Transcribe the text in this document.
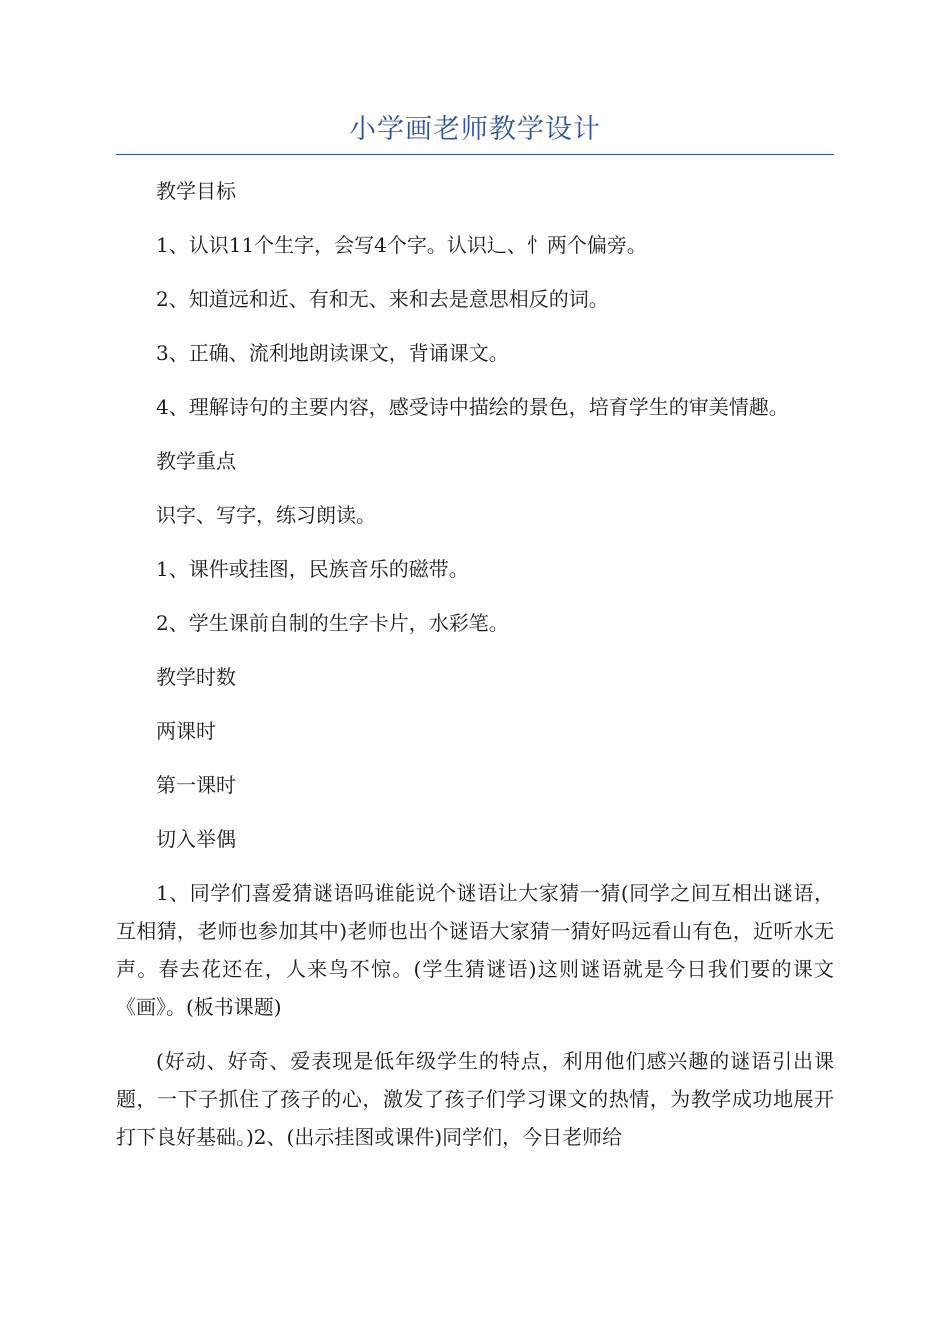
小学画老师教学设计

教学目标

1、认识11个生字，会写4个字。认识辶、忄两个偏旁。

2、知道远和近、有和无、来和去是意思相反的词。

3、正确、流利地朗读课文，背诵课文。

4、理解诗句的主要内容，感受诗中描绘的景色，培育学生的审美情趣。

教学重点

识字、写字，练习朗读。

1、课件或挂图，民族音乐的磁带。

2、学生课前自制的生字卡片，水彩笔。

教学时数

两课时

第一课时

切入举偶

1、同学们喜爱猜谜语吗谁能说个谜语让大家猜一猜(同学之间互相出谜语，互相猜，老师也参加其中)老师也出个谜语大家猜一猜好吗远看山有色，近听水无声。春去花还在，人来鸟不惊。(学生猜谜语)这则谜语就是今日我们要的课文《画》。(板书课题)

(好动、好奇、爱表现是低年级学生的特点，利用他们感兴趣的谜语引出课题，一下子抓住了孩子的心，激发了孩子们学习课文的热情，为教学成功地展开打下良好基础。)2、(出示挂图或课件)同学们，今日老师给
